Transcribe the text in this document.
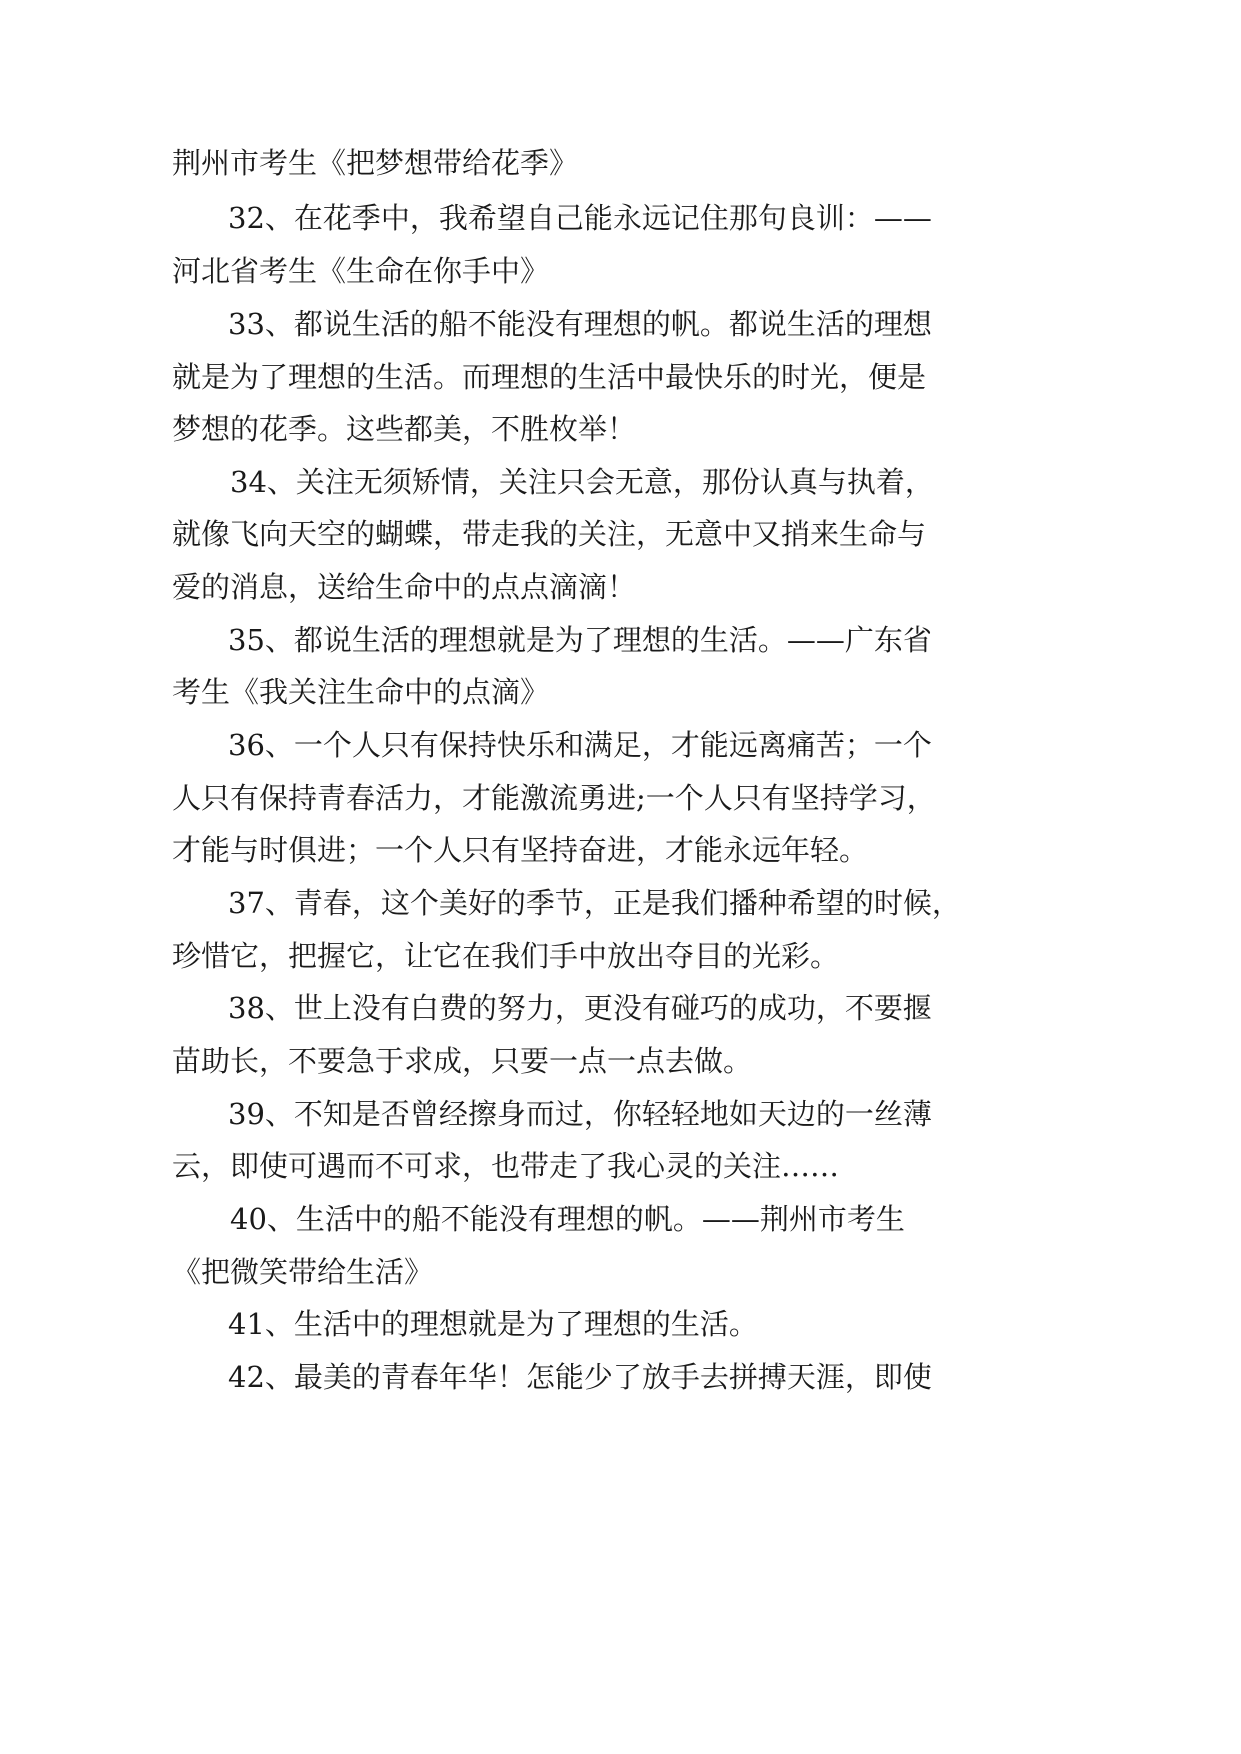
荆州市考生《把梦想带给花季》
32、在花季中，我希望自己能永远记住那句良训：——
河北省考生《生命在你手中》
33、都说生活的船不能没有理想的帆。都说生活的理想
就是为了理想的生活。而理想的生活中最快乐的时光，便是
梦想的花季。这些都美，不胜枚举！
34、关注无须矫情，关注只会无意，那份认真与执着，
就像飞向天空的蝴蝶，带走我的关注，无意中又捎来生命与
爱的消息，送给生命中的点点滴滴！
35、都说生活的理想就是为了理想的生活。——广东省
考生《我关注生命中的点滴》
36、一个人只有保持快乐和满足，才能远离痛苦；一个
人只有保持青春活力，才能激流勇进;一个人只有坚持学习，
才能与时俱进；一个人只有坚持奋进，才能永远年轻。
37、青春，这个美好的季节，正是我们播种希望的时候，
珍惜它，把握它，让它在我们手中放出夺目的光彩。
38、世上没有白费的努力，更没有碰巧的成功，不要揠
苗助长，不要急于求成，只要一点一点去做。
39、不知是否曾经擦身而过，你轻轻地如天边的一丝薄
云，即使可遇而不可求，也带走了我心灵的关注……
40、生活中的船不能没有理想的帆。——荆州市考生
《把微笑带给生活》
41、生活中的理想就是为了理想的生活。
42、最美的青春年华！怎能少了放手去拼搏天涯，即使
